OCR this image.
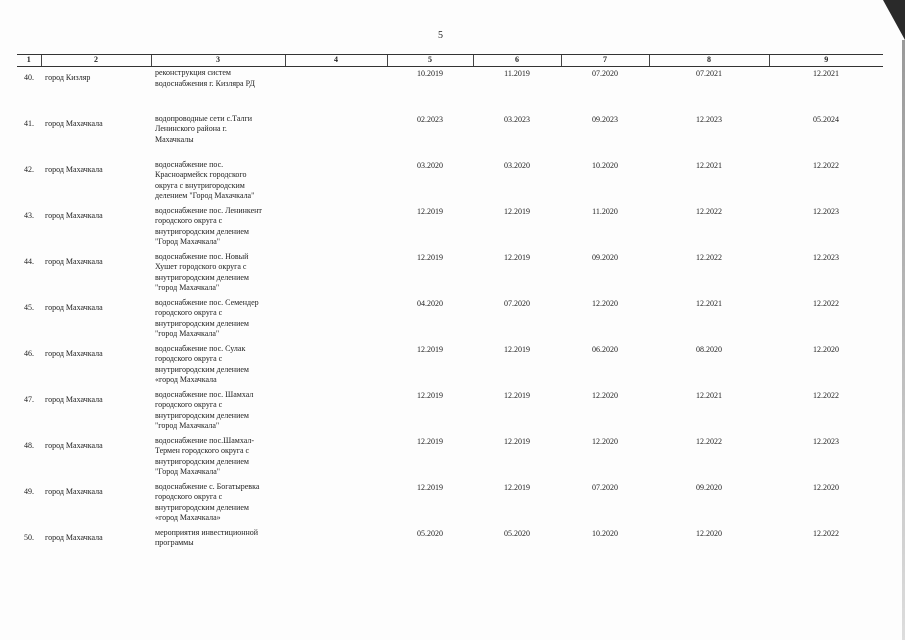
5
1	2	3	4	5	6	7	8	9
40.	город Кизляр	реконструкция систем
водоснабжения г. Кизляра РД		10.2019	11.2019	07.2020	07.2021	12.2021
41.	город Махачкала	водопроводные сети с.Талги
Ленинского района г.
Махачкалы		02.2023	03.2023	09.2023	12.2023	05.2024
42.	город Махачкала	водоснабжение пос.
Красноармейск городского
округа с внутригородским
делением "Город Махачкала"		03.2020	03.2020	10.2020	12.2021	12.2022
43.	город Махачкала	водоснабжение пос. Ленинкент
городского округа с
внутригородским делением
"Город Махачкала"		12.2019	12.2019	11.2020	12.2022	12.2023
44.	город Махачкала	водоснабжение пос. Новый
Хушет городского округа с
внутригородским делением
"город Махачкала"		12.2019	12.2019	09.2020	12.2022	12.2023
45.	город Махачкала	водоснабжение пос. Семендер
городского округа с
внутригородским делением
"город Махачкала"		04.2020	07.2020	12.2020	12.2021	12.2022
46.	город Махачкала	водоснабжение пос. Сулак
городского округа с
внутригородским делением
«город Махачкала		12.2019	12.2019	06.2020	08.2020	12.2020
47.	город Махачкала	водоснабжение пос. Шамхал
городского округа с
внутригородским делением
"город Махачкала"		12.2019	12.2019	12.2020	12.2021	12.2022
48.	город Махачкала	водоснабжение пос.Шамхал-
Термен городского округа с
внутригородским делением
"Город Махачкала"		12.2019	12.2019	12.2020	12.2022	12.2023
49.	город Махачкала	водоснабжение с. Богатыревка
городского округа с
внутригородским делением
«город Махачкала»		12.2019	12.2019	07.2020	09.2020	12.2020
50.	город Махачкала	мероприятия инвестиционной
программы		05.2020	05.2020	10.2020	12.2020	12.2022
